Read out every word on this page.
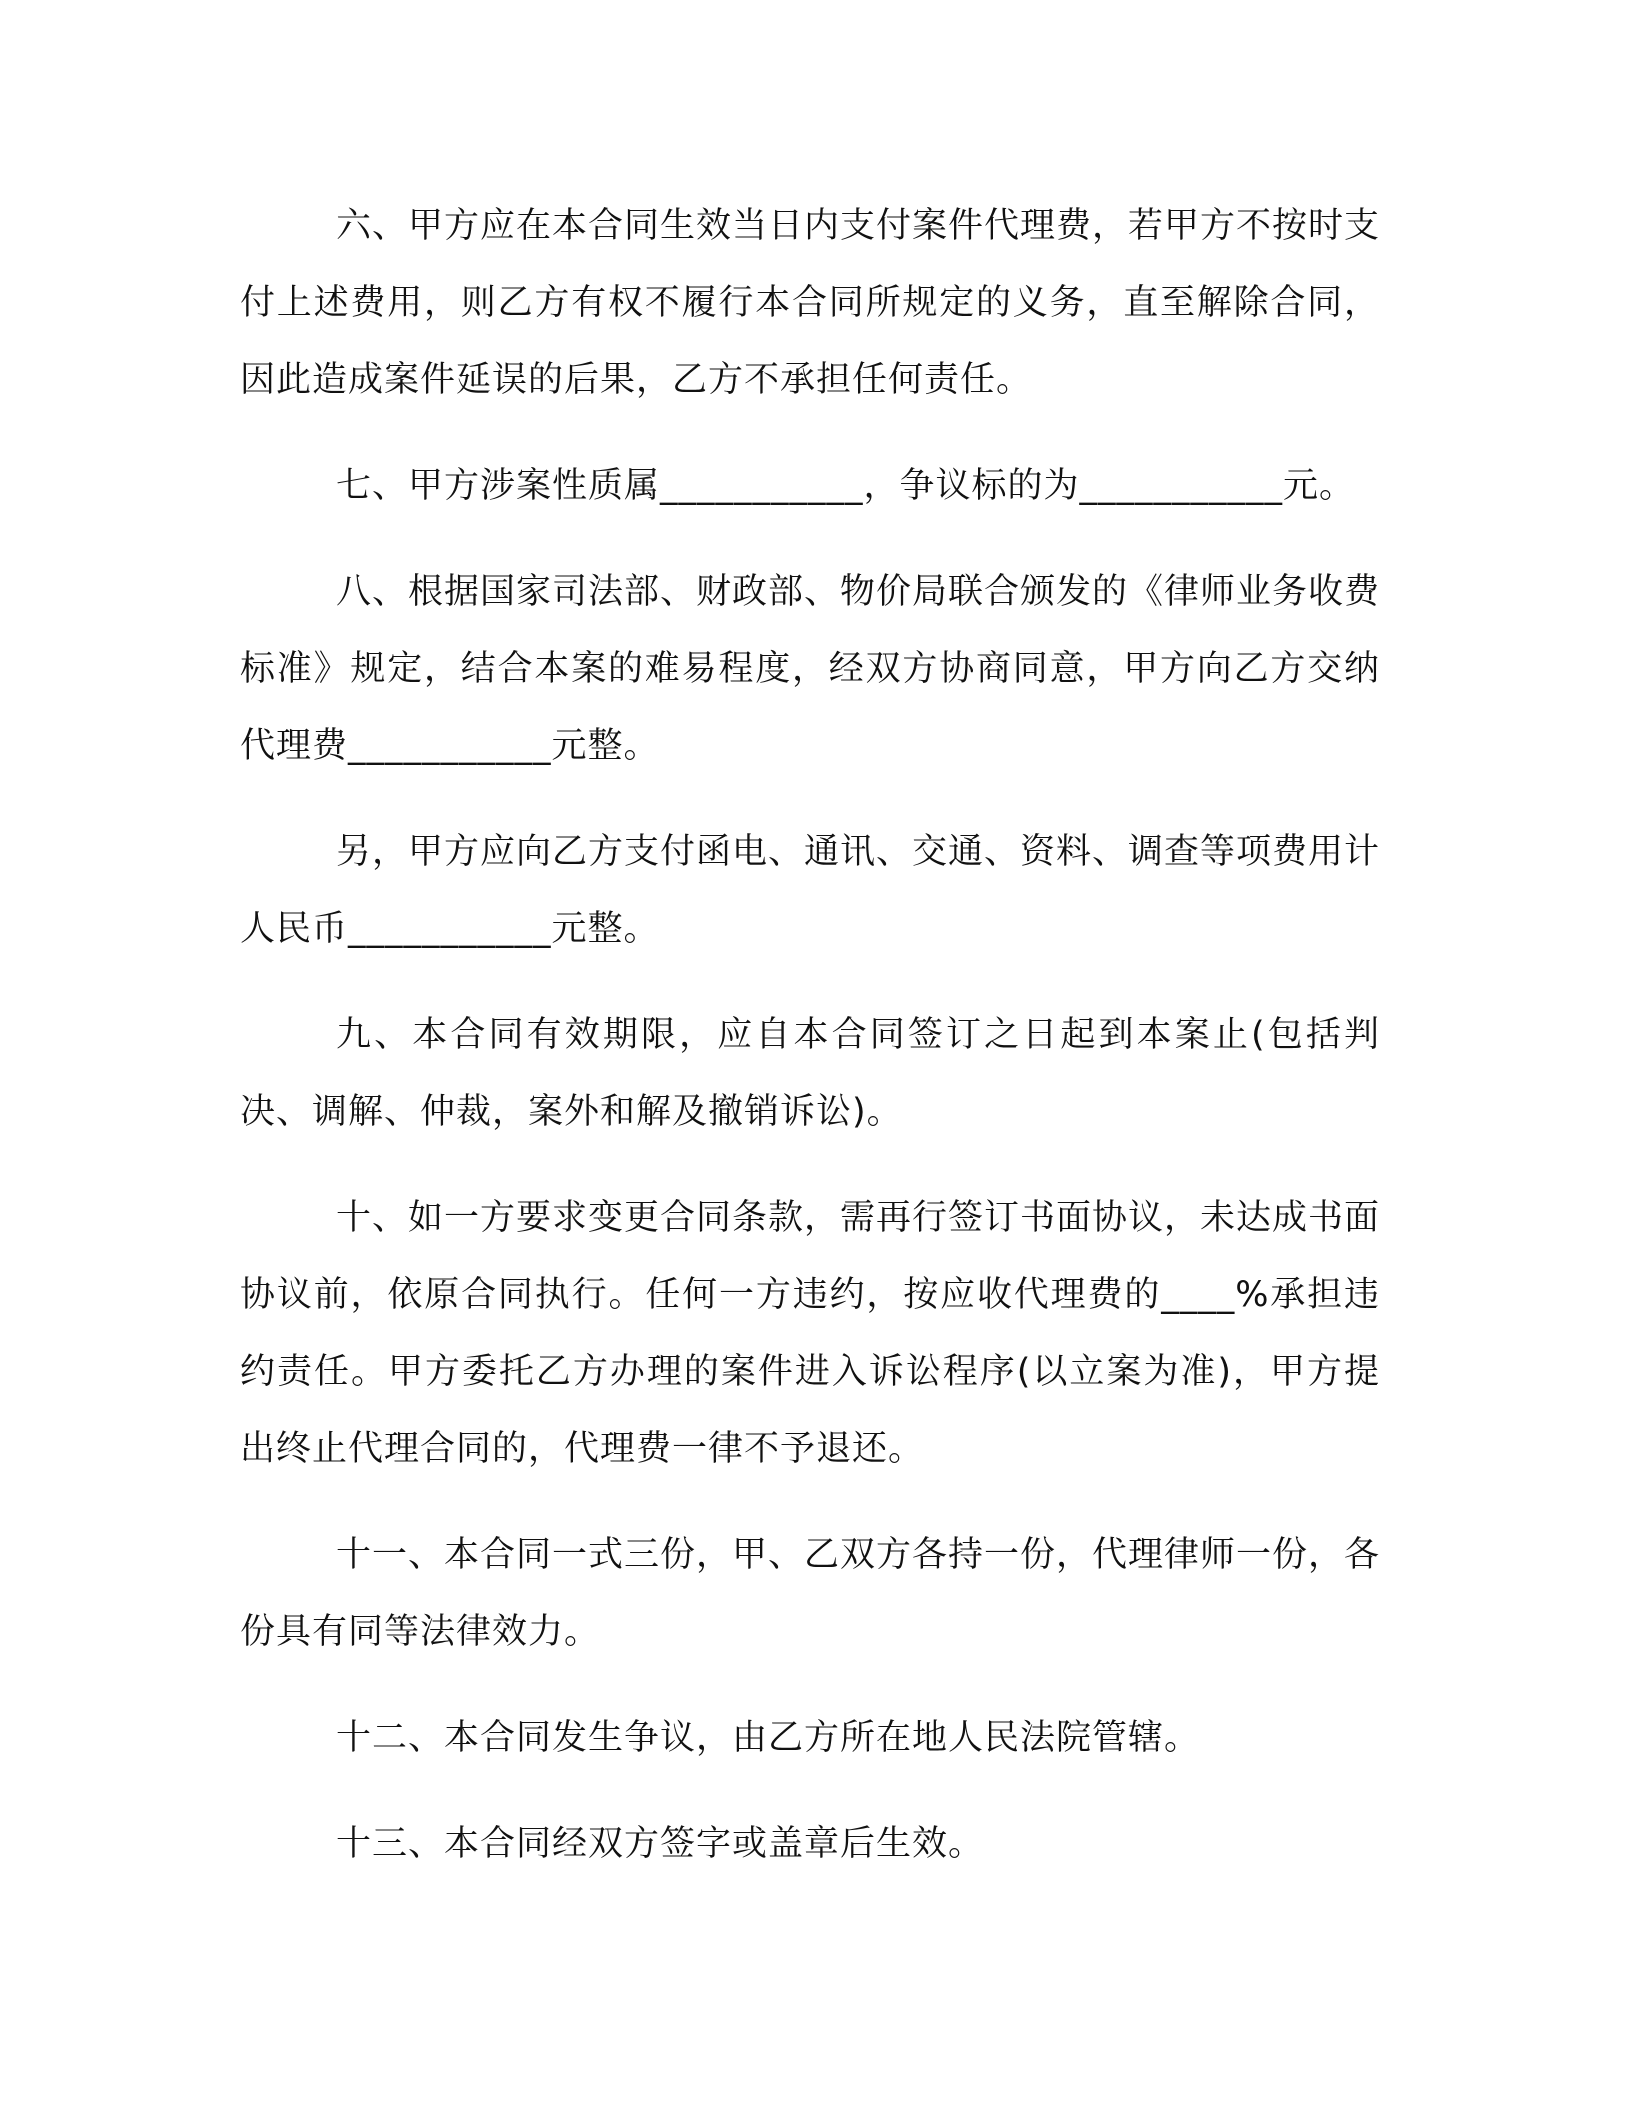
六、甲方应在本合同生效当日内支付案件代理费，若甲方不按时支付上述费用，则乙方有权不履行本合同所规定的义务，直至解除合同，因此造成案件延误的后果，乙方不承担任何责任。

七、甲方涉案性质属___________，争议标的为___________元。

八、根据国家司法部、财政部、物价局联合颁发的《律师业务收费标准》规定，结合本案的难易程度，经双方协商同意，甲方向乙方交纳代理费___________元整。

另，甲方应向乙方支付函电、通讯、交通、资料、调查等项费用计人民币___________元整。

九、本合同有效期限，应自本合同签订之日起到本案止(包括判决、调解、仲裁，案外和解及撤销诉讼)。

十、如一方要求变更合同条款，需再行签订书面协议，未达成书面协议前，依原合同执行。任何一方违约，按应收代理费的____%承担违约责任。甲方委托乙方办理的案件进入诉讼程序(以立案为准)，甲方提出终止代理合同的，代理费一律不予退还。

十一、本合同一式三份，甲、乙双方各持一份，代理律师一份，各份具有同等法律效力。

十二、本合同发生争议，由乙方所在地人民法院管辖。

十三、本合同经双方签字或盖章后生效。
